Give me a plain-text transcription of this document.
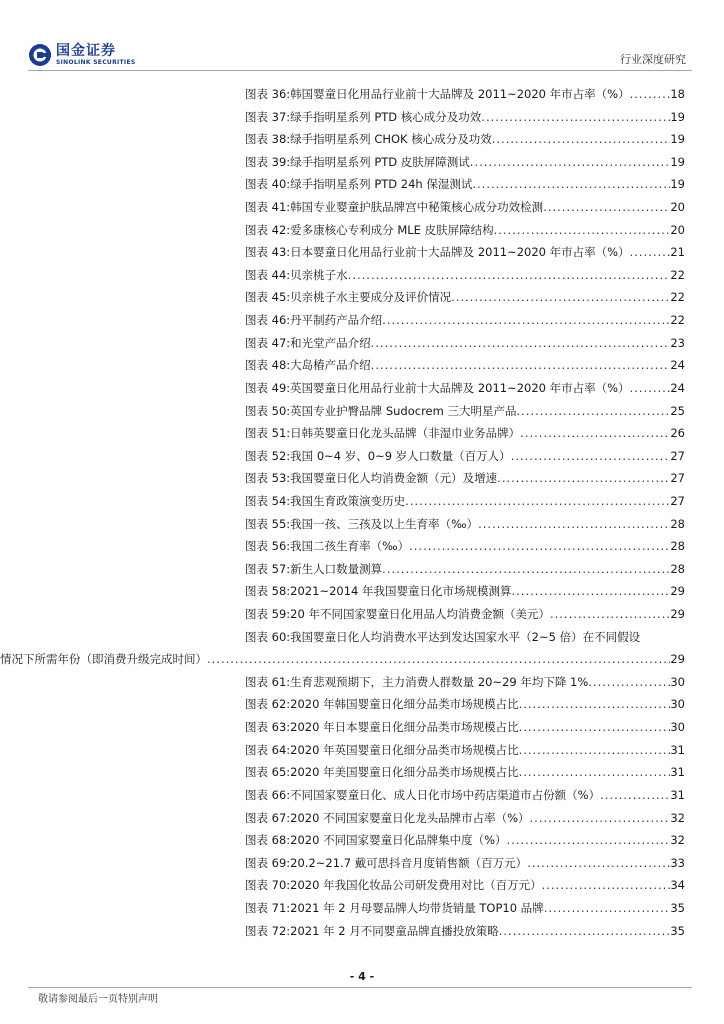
国金证券
SINOLINK SECURITIES	行业深度研究
图表 36: 韩国婴童日化用品行业前十大品牌及 2011~2020 年市占率（%） .....	18
图表 37: 绿手指明星系列 PTD 核心成分及功效 .....	19
图表 38: 绿手指明星系列 CHOK 核心成分及功效 .....	19
图表 39: 绿手指明星系列 PTD 皮肤屏障测试 .....	19
图表 40: 绿手指明星系列 PTD 24h 保湿测试 .....	19
图表 41: 韩国专业婴童护肤品牌宫中秘策核心成分功效检测 .....	20
图表 42: 爱多康核心专利成分 MLE 皮肤屏障结构 .....	20
图表 43: 日本婴童日化用品行业前十大品牌及 2011~2020 年市占率（%） .....	21
图表 44: 贝亲桃子水 .....	22
图表 45: 贝亲桃子水主要成分及评价情况 .....	22
图表 46: 丹平制药产品介绍 .....	22
图表 47: 和光堂产品介绍 .....	23
图表 48: 大岛椿产品介绍 .....	24
图表 49: 英国婴童日化用品行业前十大品牌及 2011~2020 年市占率（%） .....	24
图表 50: 英国专业护臀品牌 Sudocrem 三大明星产品 .....	25
图表 51: 日韩英婴童日化龙头品牌（非湿巾业务品牌） .....	26
图表 52: 我国 0~4 岁、0~9 岁人口数量（百万人） .....	27
图表 53: 我国婴童日化人均消费金额（元）及增速 .....	27
图表 54: 我国生育政策演变历史 .....	27
图表 55: 我国一孩、三孩及以上生育率（‰） .....	28
图表 56: 我国二孩生育率（‰） .....	28
图表 57: 新生人口数量测算 .....	28
图表 58: 2021~2014 年我国婴童日化市场规模测算 .....	29
图表 59: 20 年不同国家婴童日化用品人均消费金额（美元） .....	29
图表 60: 我国婴童日化人均消费水平达到发达国家水平（2~5 倍）在不同假设
情况下所需年份（即消费升级完成时间） .....	29
图表 61: 生育悲观预期下，主力消费人群数量 20~29 年均下降 1% .....	30
图表 62: 2020 年韩国婴童日化细分品类市场规模占比 .....	30
图表 63: 2020 年日本婴童日化细分品类市场规模占比 .....	30
图表 64: 2020 年英国婴童日化细分品类市场规模占比 .....	31
图表 65: 2020 年美国婴童日化细分品类市场规模占比 .....	31
图表 66: 不同国家婴童日化、成人日化市场中药店渠道市占份额（%） .....	31
图表 67: 2020 不同国家婴童日化龙头品牌市占率（%） .....	32
图表 68: 2020 不同国家婴童日化品牌集中度（%） .....	32
图表 69: 20.2~21.7 戴可思抖音月度销售额（百万元） .....	33
图表 70: 2020 年我国化妆品公司研发费用对比（百万元） .....	34
图表 71: 2021 年 2 月母婴品牌人均带货销量 TOP10 品牌 .....	35
图表 72: 2021 年 2 月不同婴童品牌直播投放策略 .....	35
- 4 -
敬请参阅最后一页特别声明
